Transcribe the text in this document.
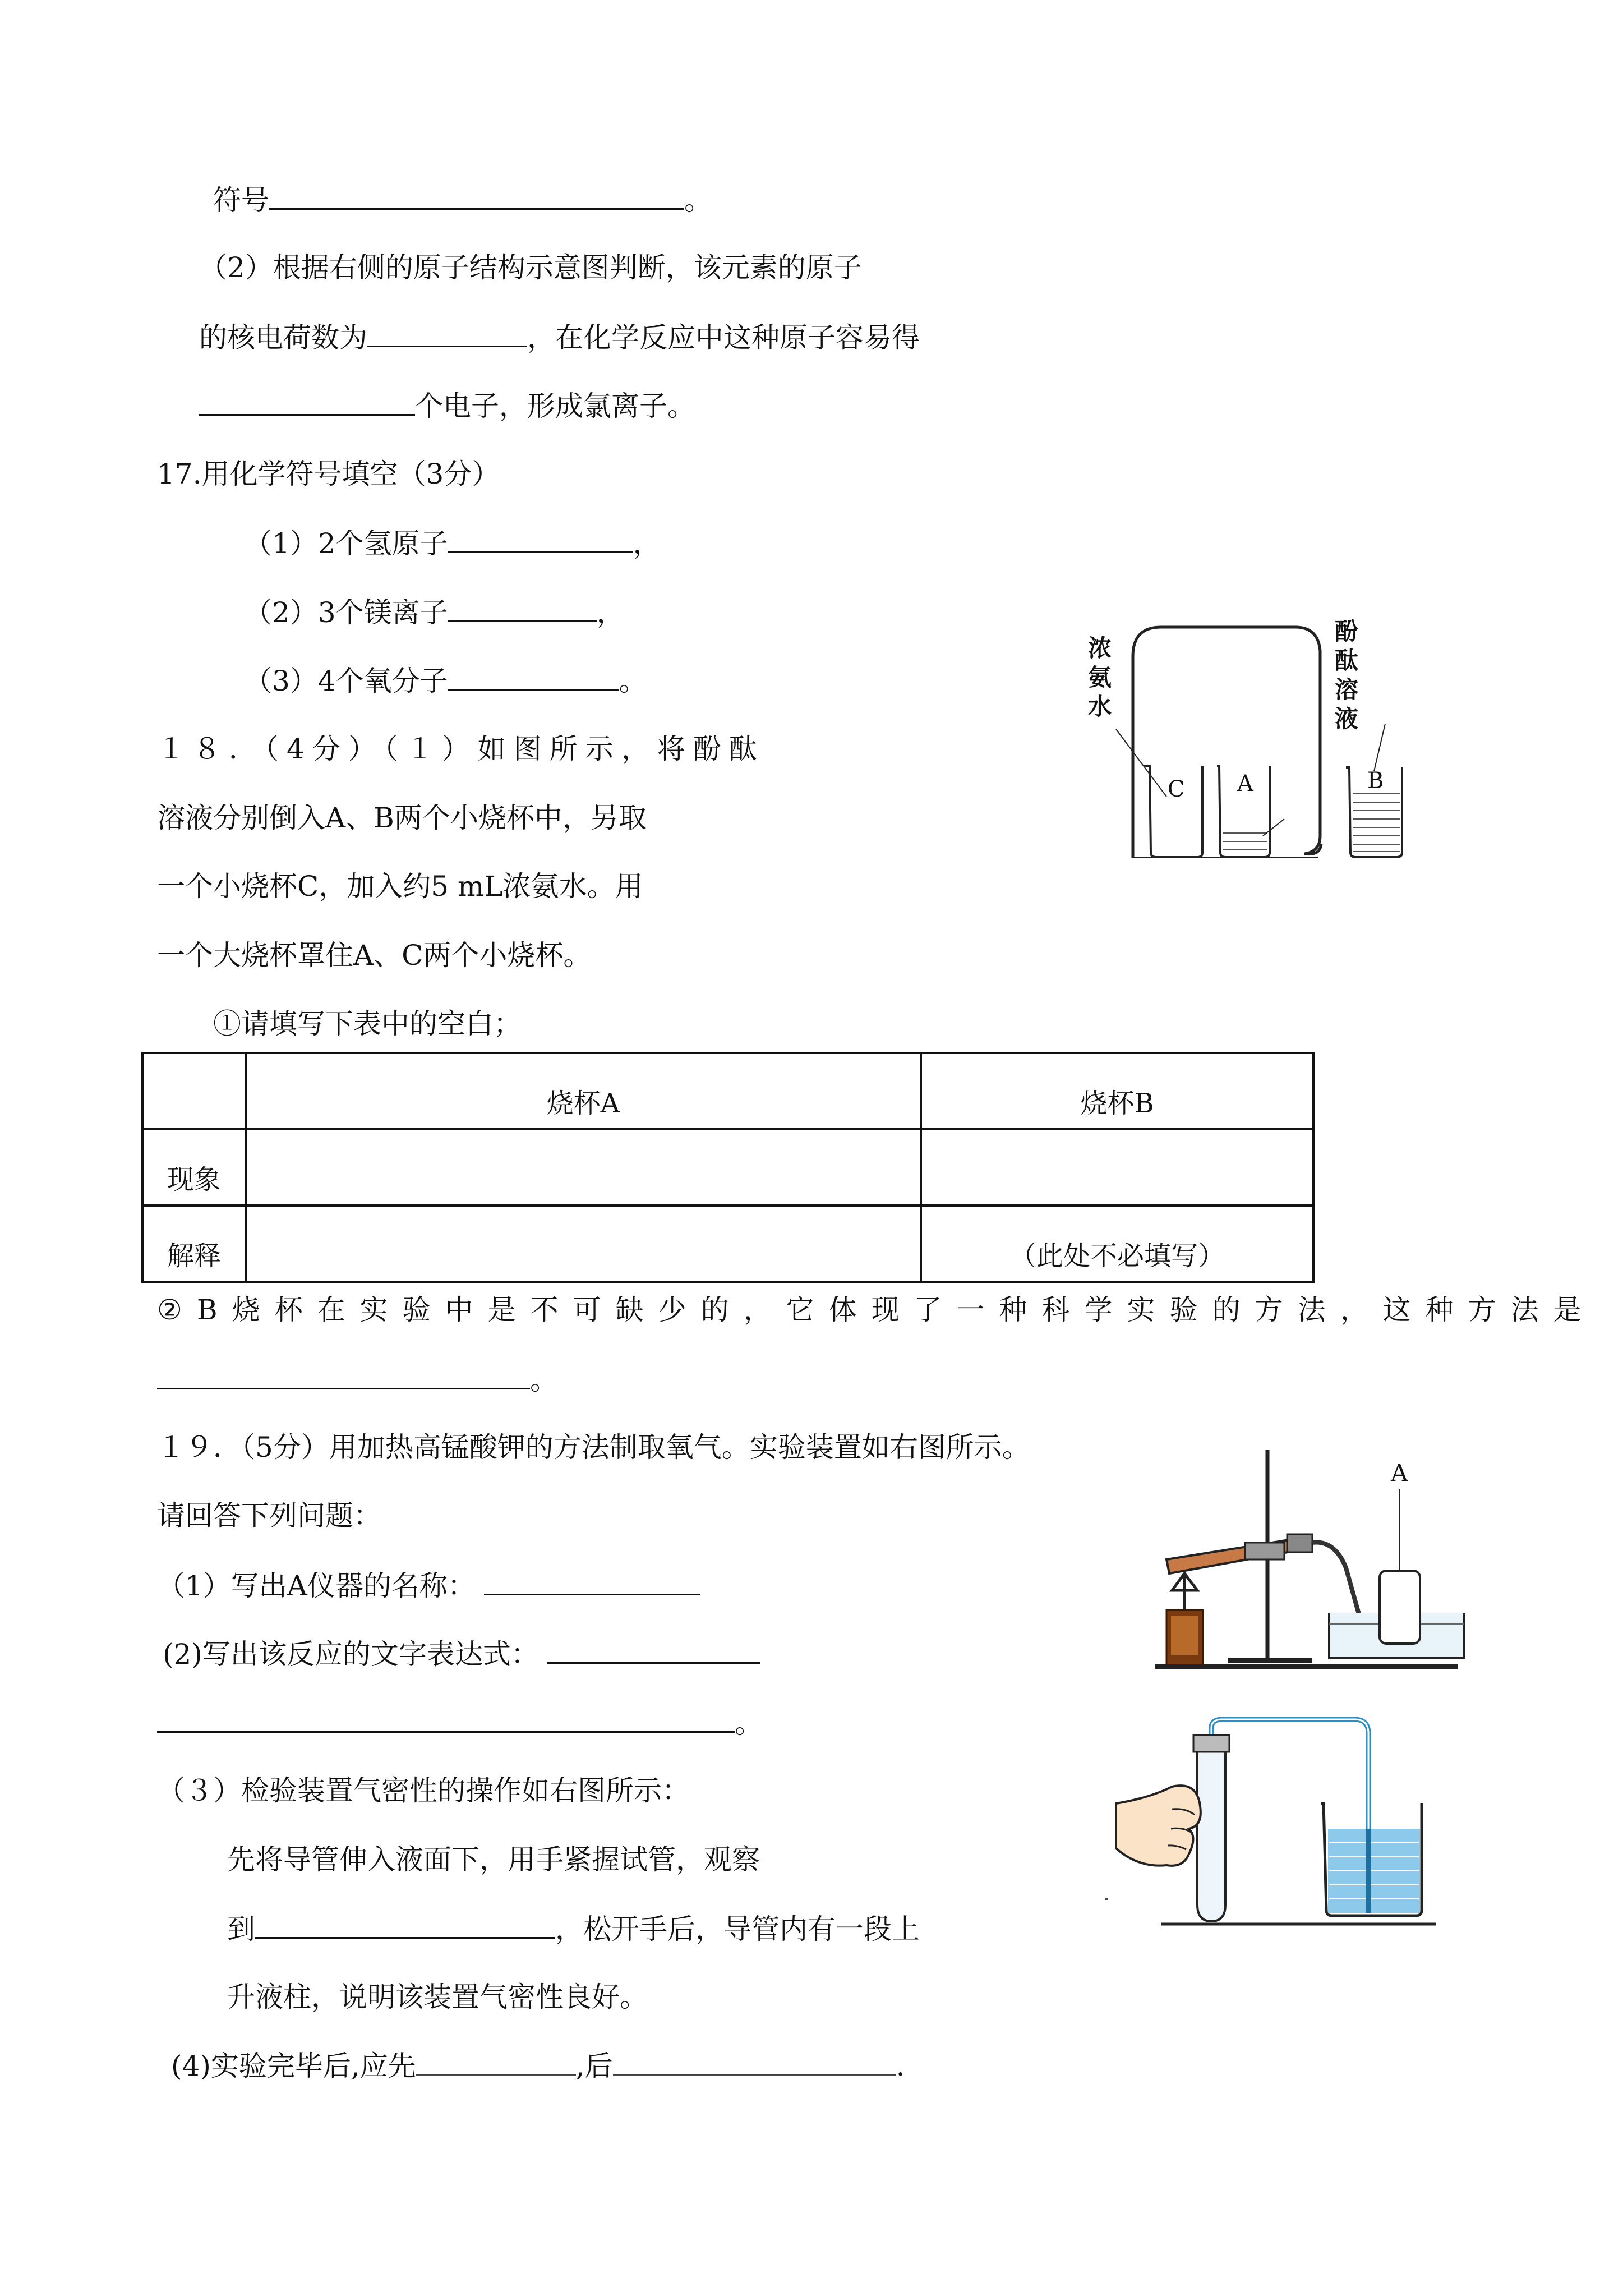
符号	。
（2）根据右侧的原子结构示意图判断，该元素的原子
的核电荷数为	，在化学反应中这种原子容易得
个电子，形成氯离子。
17.用化学符号填空（3分）
（1）2个氢原子	，
（2）3个镁离子	，
（3）4个氧分子	。
１８．（4分）（１）如图所示，将酚酞
溶液分别倒入A、B两个小烧杯中，另取
一个小烧杯C，加入约5 mL浓氨水。用
一个大烧杯罩住A、C两个小烧杯。
①请填写下表中的空白；
C A	B
浓氨水
酚酞溶液
	烧杯A	烧杯B
现象		
解释		（此处不必填写）
②B烧杯在实验中是不可缺少的，它体现了一种科学实验的方法，这种方法是
。
１９．（5分）用加热高锰酸钾的方法制取氧气。实验装置如右图所示。
请回答下列问题：
（1）写出A仪器的名称：
(2)写出该反应的文字表达式：
。
（３）检验装置气密性的操作如右图所示：
先将导管伸入液面下，用手紧握试管，观察
到	，松开手后，导管内有一段上
升液柱，说明该装置气密性良好。
(4)实验完毕后,应先	,后	.
A
